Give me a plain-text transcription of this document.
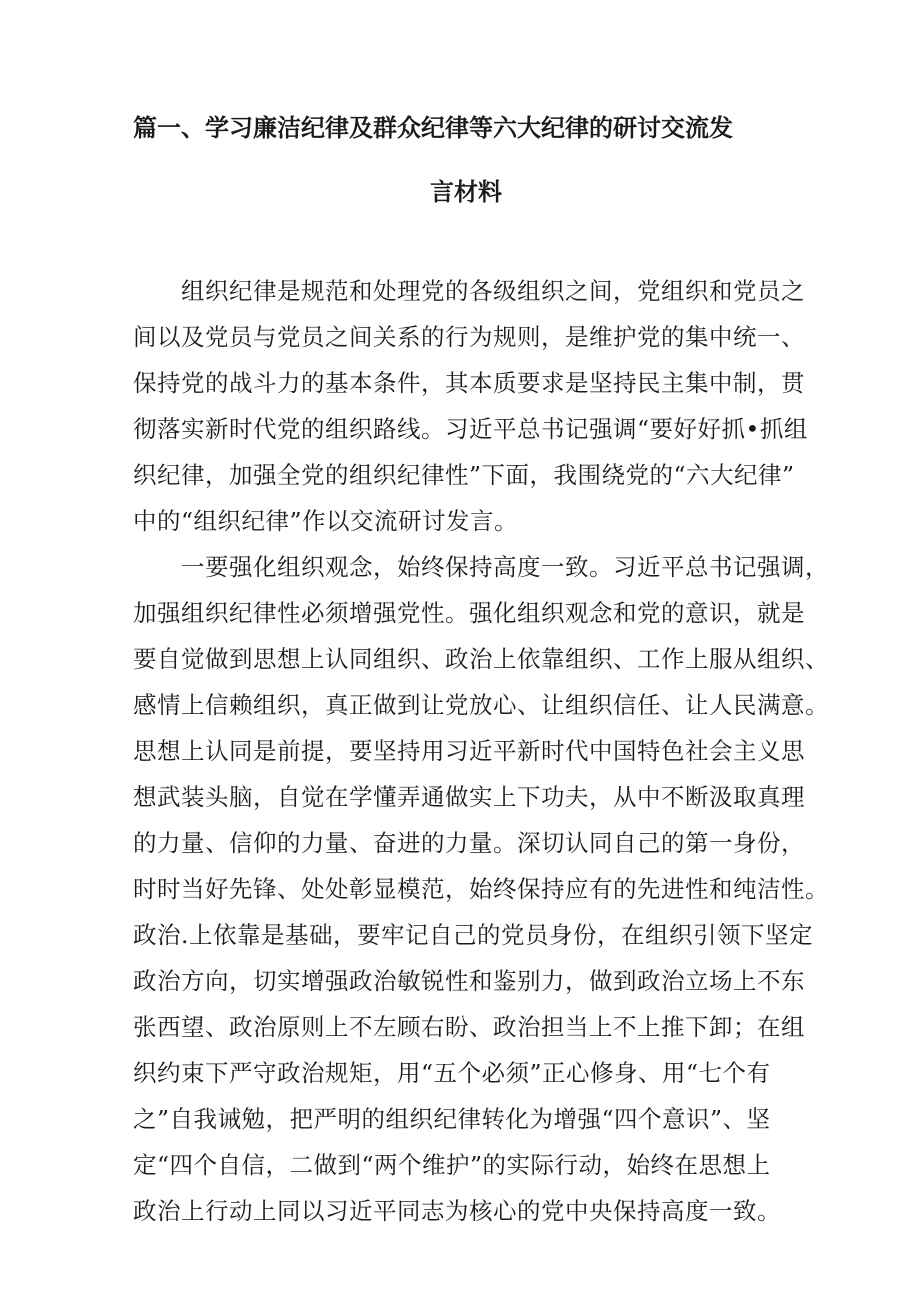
篇一、学习廉洁纪律及群众纪律等六大纪律的研讨交流发
言材料
　　组织纪律是规范和处理党的各级组织之间，党组织和党员之
间以及党员与党员之间关系的行为规则，是维护党的集中统一、
保持党的战斗力的基本条件，其本质要求是坚持民主集中制，贯
彻落实新时代党的组织路线。习近平总书记强调“要好好抓•抓组
织纪律，加强全党的组织纪律性”下面，我围绕党的“六大纪律”
中的“组织纪律”作以交流研讨发言。
　　一要强化组织观念，始终保持高度一致。习近平总书记强调，
加强组织纪律性必须增强党性。强化组织观念和党的意识，就是
要自觉做到思想上认同组织、政治上依靠组织、工作上服从组织、
感情上信赖组织，真正做到让党放心、让组织信任、让人民满意。
思想上认同是前提，要坚持用习近平新时代中国特色社会主义思
想武装头脑，自觉在学懂弄通做实上下功夫，从中不断汲取真理
的力量、信仰的力量、奋进的力量。深切认同自己的第一身份，
时时当好先锋、处处彰显模范，始终保持应有的先进性和纯洁性。
政治.上依靠是基础，要牢记自己的党员身份，在组织引领下坚定
政治方向，切实增强政治敏锐性和鉴别力，做到政治立场上不东
张西望、政治原则上不左顾右盼、政治担当上不上推下卸；在组
织约束下严守政治规矩，用“五个必须”正心修身、用“七个有
之”自我诫勉，把严明的组织纪律转化为增强“四个意识”、坚
定“四个自信，二做到“两个维护”的实际行动，始终在思想上
政治上行动上同以习近平同志为核心的党中央保持高度一致。
